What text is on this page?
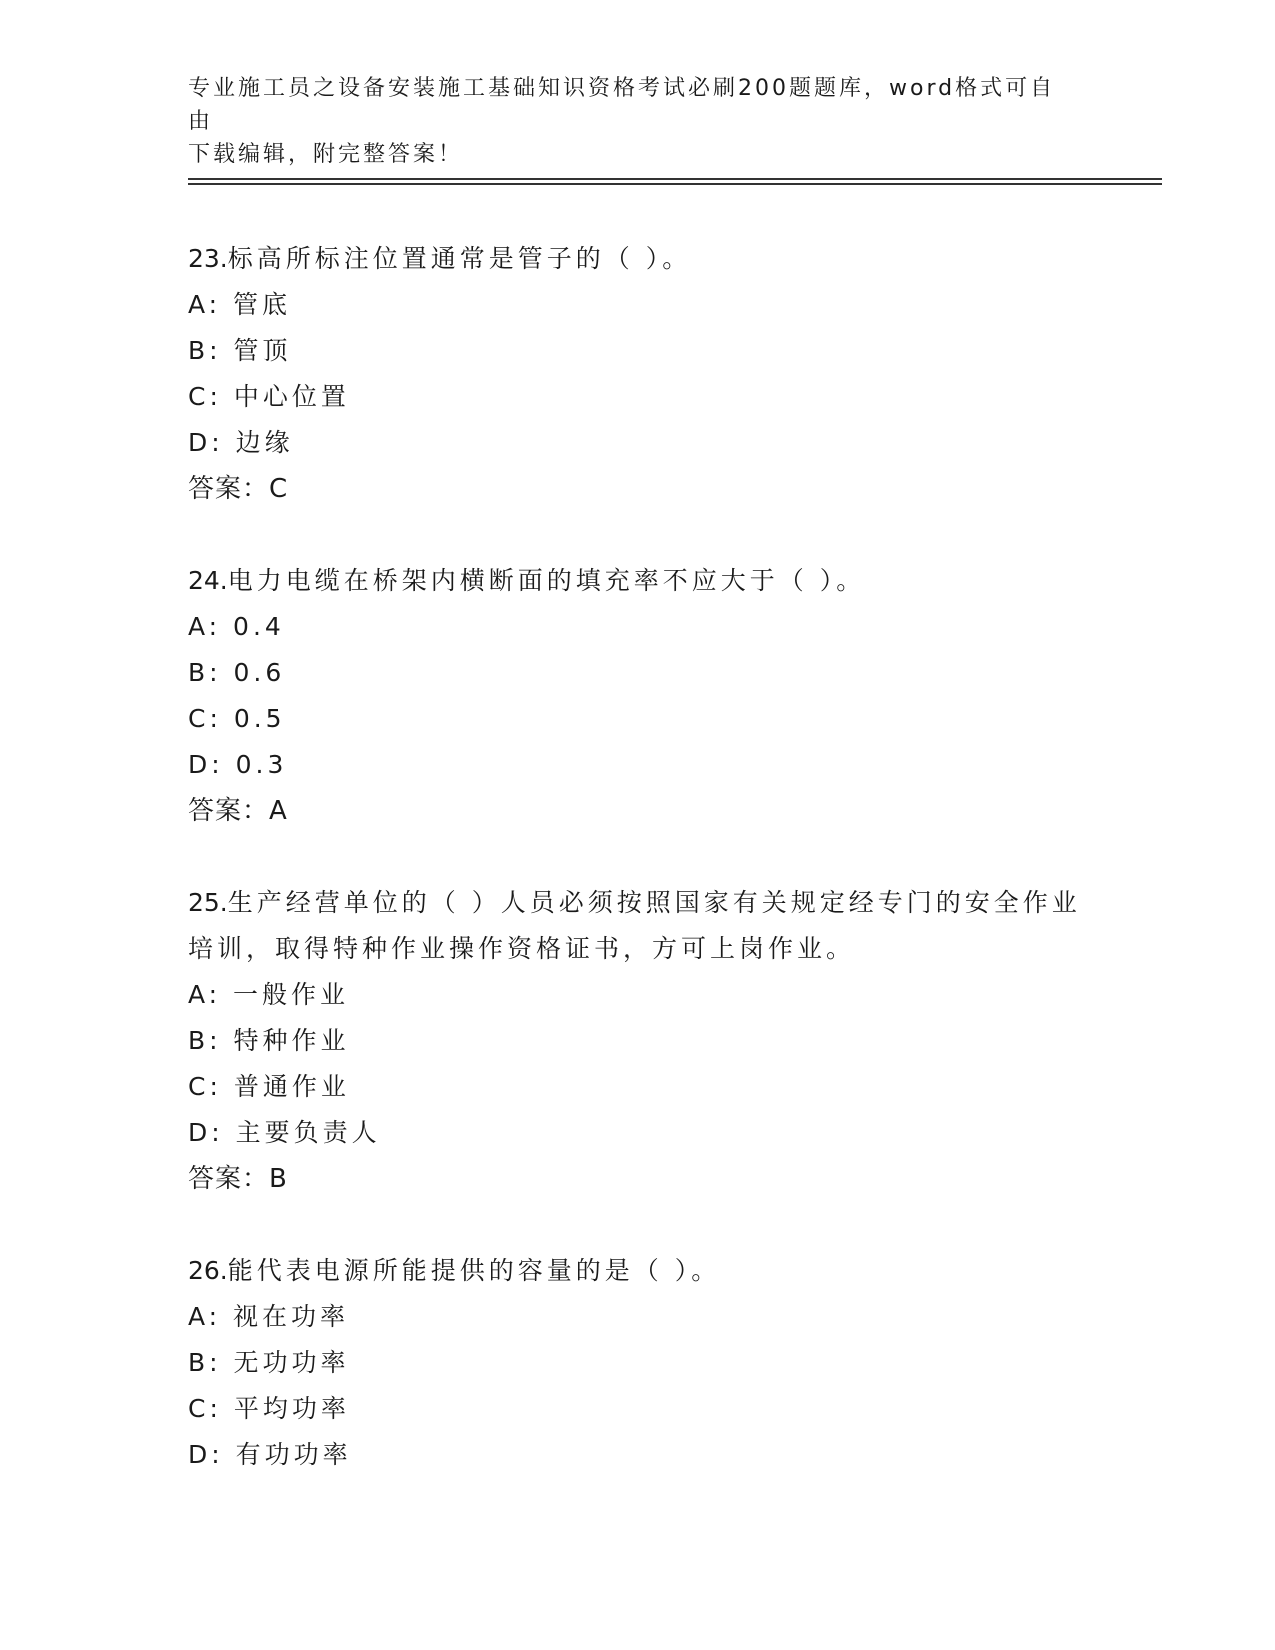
专业施工员之设备安装施工基础知识资格考试必刷200题题库，word格式可自由
下载编辑，附完整答案！
23.标高所标注位置通常是管子的（ ）。
A: 管底
B: 管顶
C: 中心位置
D: 边缘
答案：C
24.电力电缆在桥架内横断面的填充率不应大于（ ）。
A: 0.4
B: 0.6
C: 0.5
D: 0.3
答案：A
25.生产经营单位的（ ）人员必须按照国家有关规定经专门的安全作业培训，取得特种作业操作资格证书，方可上岗作业。
A: 一般作业
B: 特种作业
C: 普通作业
D: 主要负责人
答案：B
26.能代表电源所能提供的容量的是（ ）。
A: 视在功率
B: 无功功率
C: 平均功率
D: 有功功率
